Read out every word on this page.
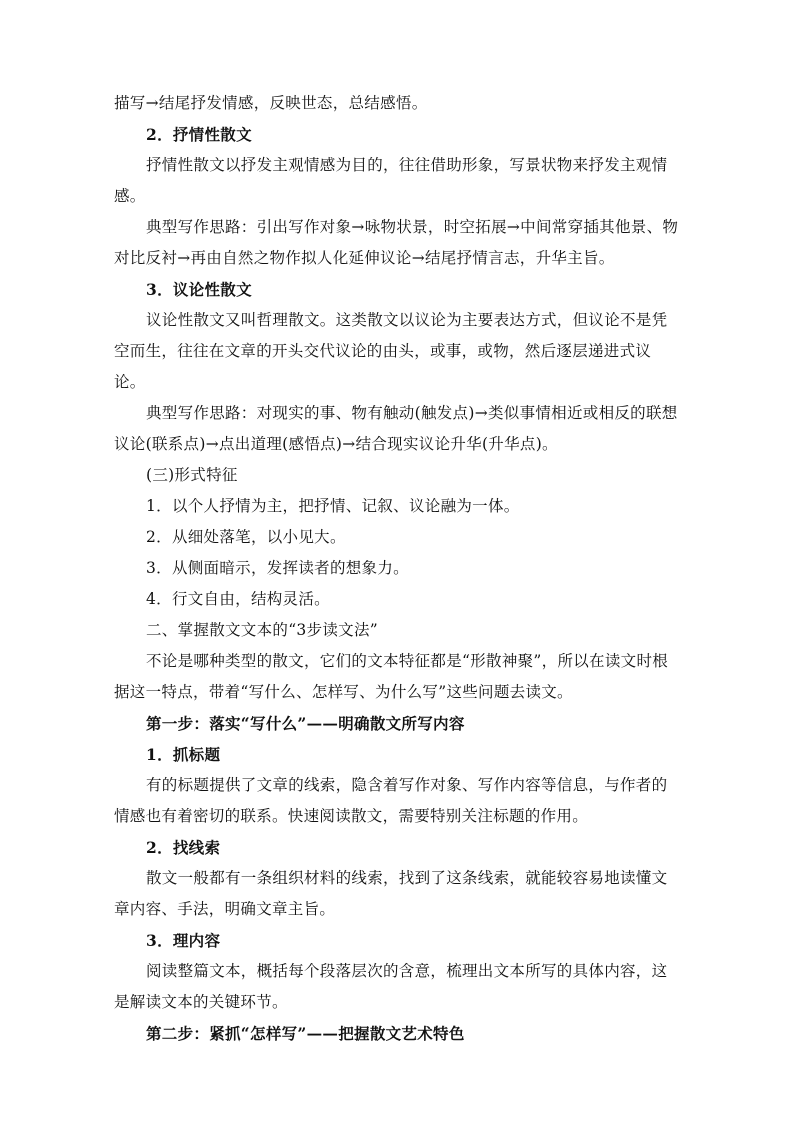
描写→结尾抒发情感，反映世态，总结感悟。

2．抒情性散文

抒情性散文以抒发主观情感为目的，往往借助形象，写景状物来抒发主观情感。

典型写作思路：引出写作对象→咏物状景，时空拓展→中间常穿插其他景、物对比反衬→再由自然之物作拟人化延伸议论→结尾抒情言志，升华主旨。

3．议论性散文

议论性散文又叫哲理散文。这类散文以议论为主要表达方式，但议论不是凭空而生，往往在文章的开头交代议论的由头，或事，或物，然后逐层递进式议论。

典型写作思路：对现实的事、物有触动(触发点)→类似事情相近或相反的联想议论(联系点)→点出道理(感悟点)→结合现实议论升华(升华点)。

(三)形式特征

1．以个人抒情为主，把抒情、记叙、议论融为一体。

2．从细处落笔，以小见大。

3．从侧面暗示，发挥读者的想象力。

4．行文自由，结构灵活。

二、掌握散文文本的“3步读文法”

不论是哪种类型的散文，它们的文本特征都是“形散神聚”，所以在读文时根据这一特点，带着“写什么、怎样写、为什么写”这些问题去读文。

第一步：落实“写什么”——明确散文所写内容

1．抓标题

有的标题提供了文章的线索，隐含着写作对象、写作内容等信息，与作者的情感也有着密切的联系。快速阅读散文，需要特别关注标题的作用。

2．找线索

散文一般都有一条组织材料的线索，找到了这条线索，就能较容易地读懂文章内容、手法，明确文章主旨。

3．理内容

阅读整篇文本，概括每个段落层次的含意，梳理出文本所写的具体内容，这是解读文本的关键环节。

第二步：紧抓“怎样写”——把握散文艺术特色
